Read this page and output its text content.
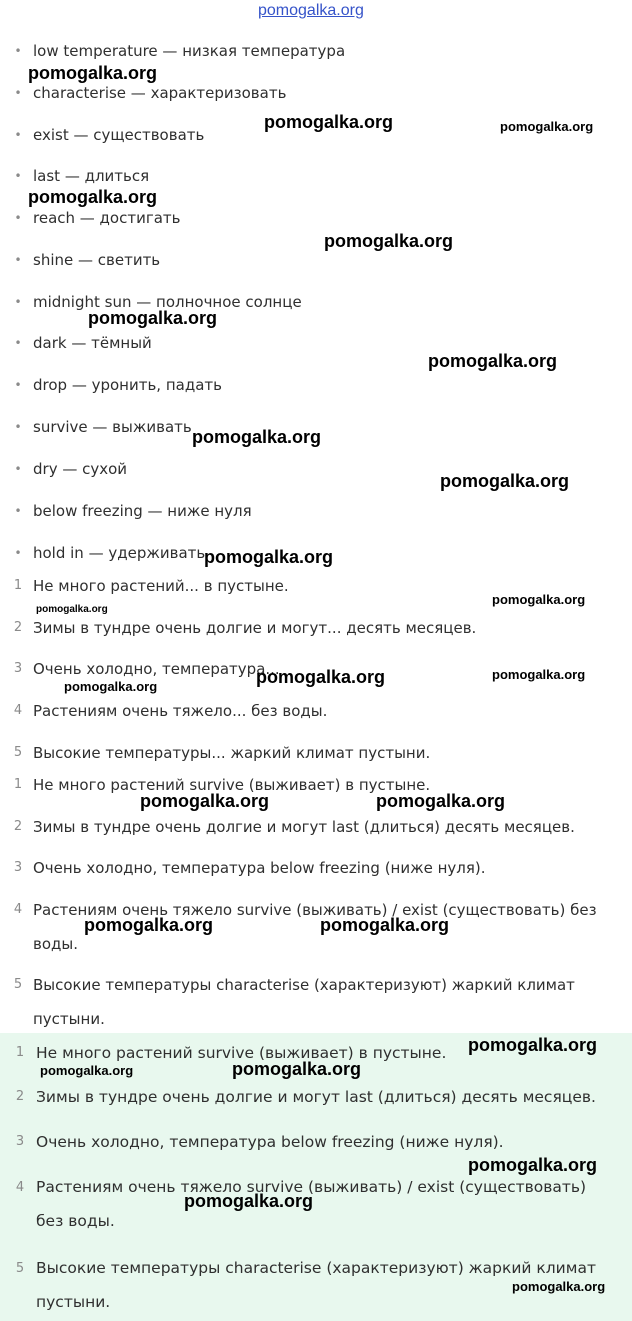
pomogalka.org
• low temperature — низкая температура
• characterise — характеризовать
• exist — существовать
• last — длиться
• reach — достигать
• shine — светить
• midnight sun — полночное солнце
• dark — тёмный
• drop — уронить, падать
• survive — выживать
• dry — сухой
• below freezing — ниже нуля
• hold in — удерживать
1 Не много растений... в пустыне.
2 Зимы в тундре очень долгие и могут... десять месяцев.
3 Очень холодно, температура...
4 Растениям очень тяжело... без воды.
5 Высокие температуры... жаркий климат пустыни.
1 Не много растений survive (выживает) в пустыне.
2 Зимы в тундре очень долгие и могут last (длиться) десять месяцев.
3 Очень холодно, температура below freezing (ниже нуля).
4 Растениям очень тяжело survive (выживать) / exist (существовать) без воды.
5 Высокие температуры characterise (характеризуют) жаркий климат пустыни.
1 Не много растений survive (выживает) в пустыне.
2 Зимы в тундре очень долгие и могут last (длиться) десять месяцев.
3 Очень холодно, температура below freezing (ниже нуля).
4 Растениям очень тяжело survive (выживать) / exist (существовать) без воды.
5 Высокие температуры characterise (характеризуют) жаркий климат пустыни.
pomogalka.org
pomogalka.org	pomogalka.org
pomogalka.org
pomogalka.org
pomogalka.org
pomogalka.org
pomogalka.org
pomogalka.org
pomogalka.org
pomogalka.org
pomogalka.org
pomogalka.org	pomogalka.org
pomogalka.org
pomogalka.org	pomogalka.org
pomogalka.org	pomogalka.org
pomogalka.org
pomogalka.org	pomogalka.org
pomogalka.org
pomogalka.org
pomogalka.org
